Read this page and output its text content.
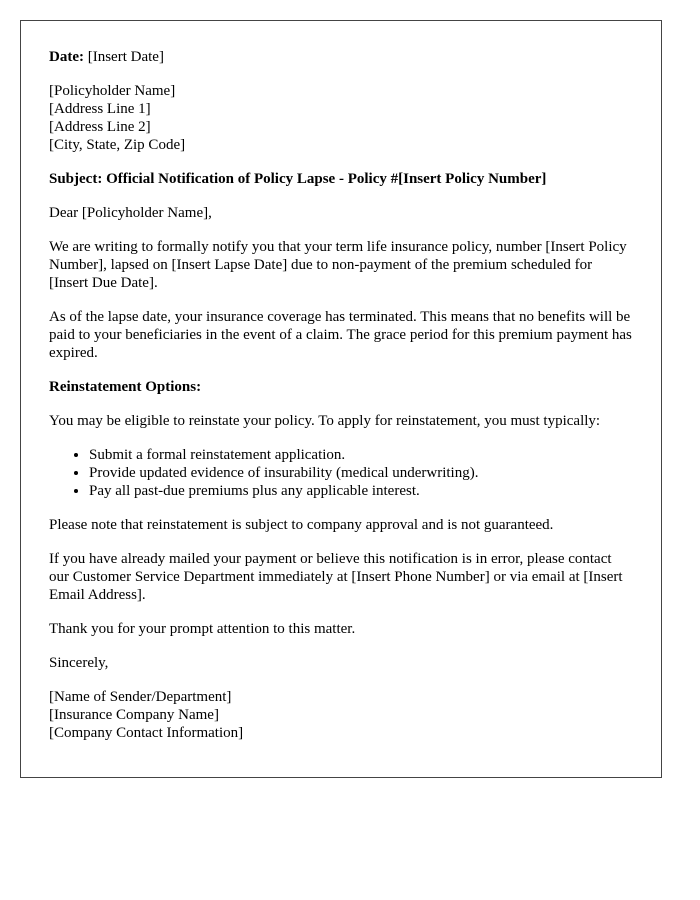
Date: [Insert Date]

[Policyholder Name]
[Address Line 1]
[Address Line 2]
[City, State, Zip Code]

Subject: Official Notification of Policy Lapse - Policy #[Insert Policy Number]

Dear [Policyholder Name],

We are writing to formally notify you that your term life insurance policy, number [Insert Policy Number], lapsed on [Insert Lapse Date] due to non-payment of the premium scheduled for [Insert Due Date].

As of the lapse date, your insurance coverage has terminated. This means that no benefits will be paid to your beneficiaries in the event of a claim. The grace period for this premium payment has expired.

Reinstatement Options:

You may be eligible to reinstate your policy. To apply for reinstatement, you must typically:

• Submit a formal reinstatement application.
• Provide updated evidence of insurability (medical underwriting).
• Pay all past-due premiums plus any applicable interest.

Please note that reinstatement is subject to company approval and is not guaranteed.

If you have already mailed your payment or believe this notification is in error, please contact our Customer Service Department immediately at [Insert Phone Number] or via email at [Insert Email Address].

Thank you for your prompt attention to this matter.

Sincerely,

[Name of Sender/Department]
[Insurance Company Name]
[Company Contact Information]
